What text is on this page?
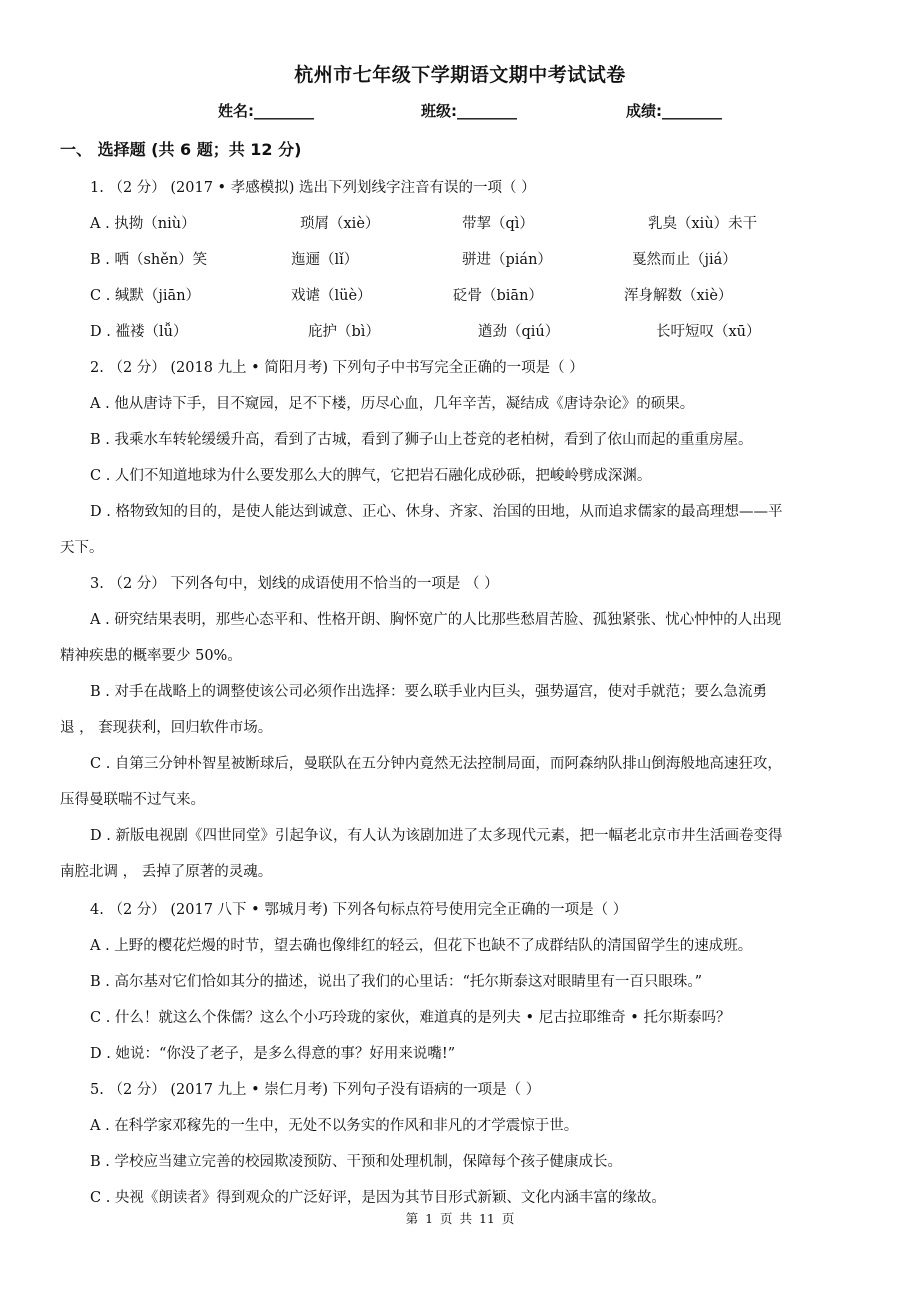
杭州市七年级下学期语文期中考试试卷
姓名:________	班级:________	成绩:________
一、 选择题 (共 6 题；共 12 分)
1. （2 分） (2017 • 孝感模拟) 选出下列划线字注音有误的一项（ ）
A . 执拗（niù）	琐屑（xiè）	带挈（qì）	乳臭（xiù）未干
B . 哂（shěn）笑	迤逦（lǐ）	骈进（pián）	戛然而止（jiá）
C . 缄默（jiān）	戏谑（lüè）	砭骨（biān）	浑身解数（xiè）
D . 褴褛（lǚ）	庇护（bì）	遒劲（qiú）	长吁短叹（xū）
2. （2 分） (2018 九上 • 简阳月考) 下列句子中书写完全正确的一项是（ ）
A . 他从唐诗下手，目不窥园，足不下楼，历尽心血，几年辛苦，凝结成《唐诗杂论》的硕果。
B . 我乘水车转轮缓缓升高，看到了古城，看到了狮子山上苍竞的老柏树，看到了依山而起的重重房屋。
C . 人们不知道地球为什么要发那么大的脾气，它把岩石融化成砂砾，把峻岭劈成深渊。
D . 格物致知的目的，是使人能达到诚意、正心、休身、齐家、治国的田地，从而追求儒家的最高理想——平
天下。
3. （2 分） 下列各句中，划线的成语使用不恰当的一项是 （ ）
A . 研究结果表明，那些心态平和、性格开朗、胸怀宽广的人比那些愁眉苦脸、孤独紧张、忧心忡忡的人出现
精神疾患的概率要少 50%。
B . 对手在战略上的调整使该公司必须作出选择：要么联手业内巨头，强势逼宫，使对手就范；要么急流勇
退 ， 套现获利，回归软件市场。
C . 自第三分钟朴智星被断球后，曼联队在五分钟内竟然无法控制局面，而阿森纳队排山倒海般地高速狂攻，
压得曼联喘不过气来。
D . 新版电视剧《四世同堂》引起争议，有人认为该剧加进了太多现代元素，把一幅老北京市井生活画卷变得
南腔北调 ， 丢掉了原著的灵魂。
4. （2 分） (2017 八下 • 鄂城月考) 下列各句标点符号使用完全正确的一项是（ ）
A . 上野的樱花烂熳的时节，望去确也像绯红的轻云，但花下也缺不了成群结队的清国留学生的速成班。
B . 高尔基对它们恰如其分的描述，说出了我们的心里话：“托尔斯泰这对眼睛里有一百只眼珠。”
C . 什么！就这么个侏儒？这么个小巧玲珑的家伙，难道真的是列夫 • 尼古拉耶维奇 • 托尔斯泰吗？
D . 她说：“你没了老子，是多么得意的事？好用来说嘴!”
5. （2 分） (2017 九上 • 崇仁月考) 下列句子没有语病的一项是（ ）
A . 在科学家邓稼先的一生中，无处不以务实的作风和非凡的才学震惊于世。
B . 学校应当建立完善的校园欺凌预防、干预和处理机制，保障每个孩子健康成长。
C . 央视《朗读者》得到观众的广泛好评，是因为其节目形式新颖、文化内涵丰富的缘故。
第 1 页 共 11 页
